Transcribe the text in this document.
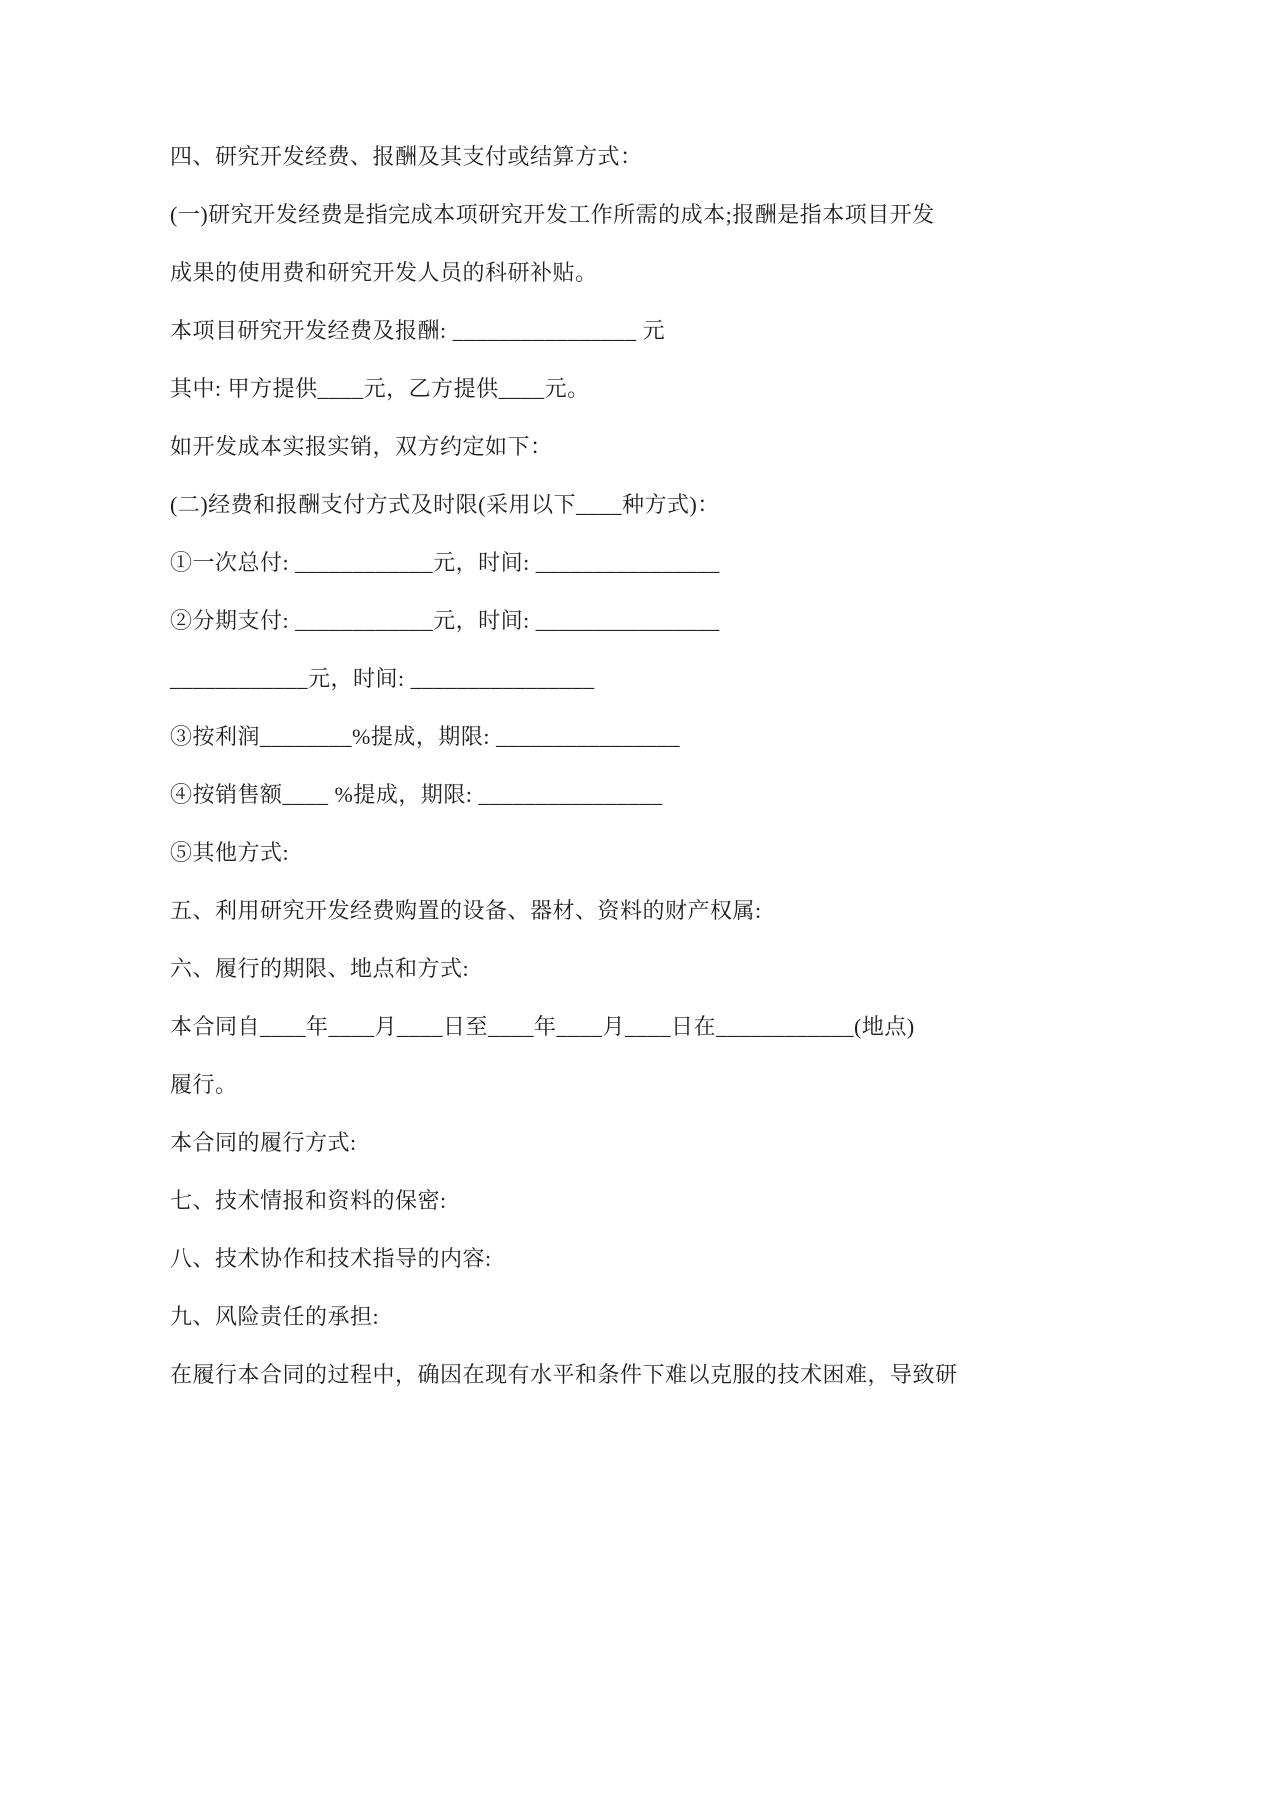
四、研究开发经费、报酬及其支付或结算方式：

(一)研究开发经费是指完成本项研究开发工作所需的成本;报酬是指本项目开发

成果的使用费和研究开发人员的科研补贴。

本项目研究开发经费及报酬: ________________ 元

其中: 甲方提供____元，乙方提供____元。

如开发成本实报实销，双方约定如下：

(二)经费和报酬支付方式及时限(采用以下____种方式)：

①一次总付: ____________元，时间: ________________

②分期支付: ____________元，时间: ________________

____________元，时间: ________________

③按利润________%提成，期限: ________________

④按销售额____ %提成，期限: ________________

⑤其他方式:

五、利用研究开发经费购置的设备、器材、资料的财产权属:

六、履行的期限、地点和方式:

本合同自____年____月____日至____年____月____日在____________(地点)

履行。

本合同的履行方式:

七、技术情报和资料的保密:

八、技术协作和技术指导的内容:

九、风险责任的承担:

在履行本合同的过程中，确因在现有水平和条件下难以克服的技术困难，导致研
